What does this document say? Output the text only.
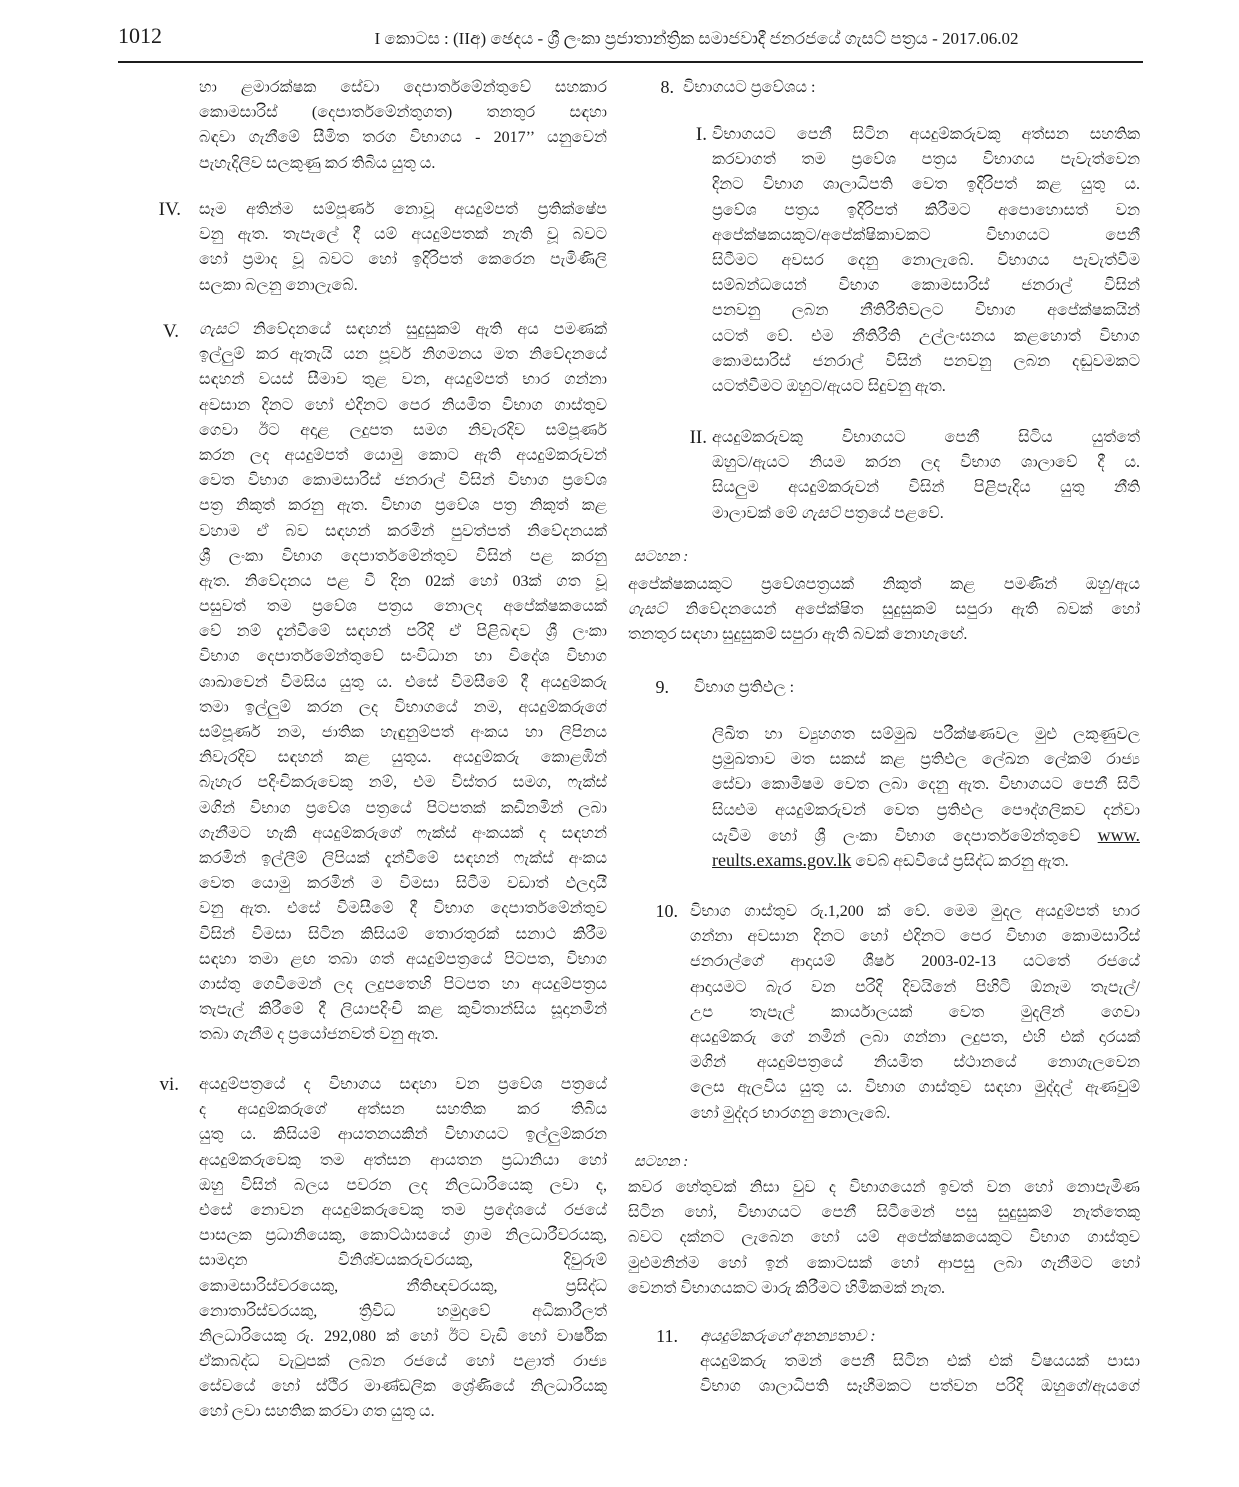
1012	I කොටස : (IIඅ) ඡෙදය - ශ්‍රී ලංකා ප්‍රජාතාන්ත්‍රික සමාජවාදී ජනරජයේ ගැසට් පත්‍රය - 2017.06.02
හා ළමාරක්ෂක සේවා දෙපාර්තමේන්තුවේ සහකාර
කොමසාරිස් (දෙපාර්තමේන්තුගත) තනතුර සඳහා
බඳවා ගැනීමේ සීමිත තරග විභාගය - 2017’’ යනුවෙන්
පැහැදිලිව සලකුණු කර තිබිය යුතු ය.
IV. සෑම අතින්ම සම්පූර්ණ නොවූ අයදුම්පත් ප්‍රතික්ෂේප
වනු ඇත. තැපැලේ දී යම් අයදුම්පතක් නැති වූ බවට
හෝ ප්‍රමාද වූ බවට හෝ ඉදිරිපත් කෙරෙන පැමිණිලි
සලකා බලනු නොලැබේ.
V. ගැසට් නිවේදනයේ සඳහන් සුදුසුකම් ඇති අය පමණක්
ඉල්ලුම් කර ඇතැයි යන පූර්ව නිගමනය මත නිවේදනයේ
සඳහන් වයස් සීමාව තුළ වන, අයදුම්පත් භාර ගන්නා
අවසාන දිනට හෝ එදිනට පෙර නියමිත විභාග ගාස්තුව
ගෙවා ඊට අදාළ ලදුපත සමග නිවැරදිව සම්පූර්ණ
කරන ලද අයදුම්පත් යොමු කොට ඇති අයදුම්කරුවන්
වෙත විභාග කොමසාරිස් ජනරාල් විසින් විභාග ප්‍රවේශ
පත්‍ර නිකුත් කරනු ඇත. විභාග ප්‍රවේශ පත්‍ර නිකුත් කළ
වහාම ඒ බව සඳහන් කරමින් පුවත්පත් නිවේදනයක්
ශ්‍රී ලංකා විභාග දෙපාර්තමේන්තුව විසින් පළ කරනු
ඇත. නිවේදනය පළ වී දින 02ක් හෝ 03ක් ගත වූ
පසුවත් තම ප්‍රවේශ පත්‍රය නොලද අපේක්ෂකයෙක්
වේ නම් දැන්වීමේ සඳහන් පරිදි ඒ පිළිබඳව ශ්‍රී ලංකා
විභාග දෙපාර්තමේන්තුවේ සංවිධාන හා විදේශ විභාග
ශාඛාවෙන් විමසිය යුතු ය. එසේ විමසීමේ දී අයදුම්කරු
තමා ඉල්ලුම් කරන ලද විභාගයේ නම, අයදුම්කරුගේ
සම්පූර්ණ නම, ජාතික හැඳුනුම්පත් අංකය හා ලිපිනය
නිවැරදිව සඳහන් කළ යුතුය. අයදුම්කරු කොළඹින්
බැහැර පදිංචිකරුවෙකු නම්, එම විස්තර සමග, ෆැක්ස්
මගින් විභාග ප්‍රවේශ පත්‍රයේ පිටපතක් කඩිනමින් ලබා
ගැනීමට හැකි අයදුම්කරුගේ ෆැක්ස් අංකයක් ද සඳහන්
කරමින් ඉල්ලීම් ලිපියක් දැන්වීමේ සඳහන් ෆැක්ස් අංකය
වෙත යොමු කරමින් ම විමසා සිටීම වඩාත් ඵලදායී
වනු ඇත. එසේ විමසීමේ දී විභාග දෙපාර්තමේන්තුව
විසින් විමසා සිටින කිසියම් තොරතුරක් සනාථ කිරීම
සඳහා තමා ළඟ තබා ගත් අයදුම්පත්‍රයේ පිටපත, විභාග
ගාස්තු ගෙවීමෙන් ලද ලදුපතෙහි පිටපත හා අයදුම්පත්‍රය
තැපැල් කිරීමේ දී ලියාපදිංචි කළ කුවිතාන්සිය සූදානමින්
තබා ගැනීම ද ප්‍රයෝජනවත් වනු ඇත.
vi. අයදුම්පත්‍රයේ ද විභාගය සඳහා වන ප්‍රවේශ පත්‍රයේ
ද අයදුම්කරුගේ අත්සන සහතික කර තිබිය
යුතු ය. කිසියම් ආයතනයකින් විභාගයට ඉල්ලුම්කරන
අයදුම්කරුවෙකු තම අත්සන ආයතන ප්‍රධානියා හෝ
ඔහු විසින් බලය පවරන ලද නිලධාරියෙකු ලවා ද,
එසේ නොවන අයදුම්කරුවෙකු තම ප්‍රදේශයේ රජයේ
පාසලක ප්‍රධානියෙකු, කොට්ඨාසයේ ග්‍රාම නිලධාරීවරයකු,
සාමදාන විනිශ්චයකරුවරයකු, දිවුරුම්
කොමසාරිස්වරයෙකු, නීතිඥවරයකු, ප්‍රසිද්ධ
නොතාරිස්වරයකු, ත්‍රිවිධ හමුදාවේ අධිකාරීලත්
නිලධාරියෙකු රු. 292,080 ක් හෝ ඊට වැඩි හෝ වාර්ෂික
ඒකාබද්ධ වැටුපක් ලබන රජයේ හෝ පළාත් රාජ්‍ය
සේවයේ හෝ ස්ථිර මාණ්ඩලික ශ්‍රේණියේ නිලධාරියකු
හෝ ලවා සහතික කරවා ගත යුතු ය.
8. විභාගයට ප්‍රවේශය :
I. විභාගයට පෙනී සිටින අයදුම්කරුවකු අත්සන සහතික
කරවාගත් තම ප්‍රවේශ පත්‍රය විභාගය පැවැත්වෙන
දිනට විභාග ශාලාධිපති වෙත ඉදිරිපත් කළ යුතු ය.
ප්‍රවේශ පත්‍රය ඉදිරිපත් කිරීමට අපොහොසත් වන
අපේක්ෂකයකුට/අපේක්ෂිකාවකට විභාගයට පෙනී
සිටීමට අවසර දෙනු නොලැබේ. විභාගය පැවැත්වීම
සම්බන්ධයෙන් විභාග කොමසාරිස් ජනරාල් විසින්
පනවනු ලබන නීතිරීතිවලට විභාග අපේක්ෂකයින්
යටත් වේ. එම නීතිරීති උල්ලංඝනය කළහොත් විභාග
කොමසාරිස් ජනරාල් විසින් පනවනු ලබන දඬුවමකට
යටත්වීමට ඔහුට/ඇයට සිදුවනු ඇත.
II. අයදුම්කරුවකු විභාගයට පෙනී සිටිය යුත්තේ
ඔහුට/ඇයට නියම කරන ලද විභාග ශාලාවේ දී ය.
සියලුම අයදුම්කරුවන් විසින් පිළිපැදිය යුතු නීති
මාලාවක් මේ ගැසට් පත්‍රයේ පළවේ.
සටහන :
අපේක්ෂකයකුට ප්‍රවේශපත්‍රයක් නිකුත් කළ පමණින් ඔහු/ඇය
ගැසට් නිවේදනයෙන් අපේක්ෂිත සුදුසුකම් සපුරා ඇති බවක් හෝ
තනතුර සඳහා සුදුසුකම් සපුරා ඇති බවක් නොහැඟේ.
9. විභාග ප්‍රතිඵල :
ලිඛිත හා ව්‍යුහගත සම්මුඛ පරීක්ෂණවල මුළු ලකුණුවල
ප්‍රමුඛතාව මත සකස් කළ ප්‍රතිඵල ලේඛන ලේකම් රාජ්‍ය
සේවා කොමිෂම වෙත ලබා දෙනු ඇත. විභාගයට පෙනී සිටි
සියළුම අයදුම්කරුවන් වෙත ප්‍රතිඵල පෞද්ගලිකව දන්වා
යැවීම හෝ ශ්‍රී ලංකා විභාග දෙපාර්තමේන්තුවේ www.
reults.exams.gov.lk වෙබ් අඩවියේ ප්‍රසිද්ධ කරනු ඇත.
10. විභාග ගාස්තුව රු.1,200 ක් වේ. මෙම මුදල අයදුම්පත් භාර
ගන්නා අවසාන දිනට හෝ එදිනට පෙර විභාග කොමසාරිස්
ජනරාල්ගේ ආදායම් ශීර්ෂ 2003-02-13 යටතේ රජයේ
ආදායමට බැර වන පරිදි දිවයිනේ පිහිටි ඕනෑම තැපැල්/
උප තැපැල් කාර්යාලයක් වෙත මුදලින් ගෙවා
අයදුම්කරු ගේ නමින් ලබා ගන්නා ලදුපත, එහි එක් දාරයක්
මගින් අයදුම්පත්‍රයේ නියමිත ස්ථානයේ නොගැලවෙන
ලෙස ඇලවිය යුතු ය. විභාග ගාස්තුව සඳහා මුද්දල් ඇණවුම්
හෝ මුද්දර භාරගනු නොලැබේ.
සටහන :
කවර හේතුවක් නිසා වුව ද විභාගයෙන් ඉවත් වන හෝ නොපැමිණ
සිටින හෝ, විභාගයට පෙනී සිටීමෙන් පසු සුදුසුකම් නැත්තෙකු
බවට දක්නට ලැබෙන හෝ යම් අපේක්ෂකයෙකුට විභාග ගාස්තුව
මුළුමනින්ම හෝ ඉන් කොටසක් හෝ ආපසු ලබා ගැනීමට හෝ
වෙනත් විභාගයකට මාරු කිරීමට හිමිකමක් නැත.
11. අයදුම්කරුගේ අනන්‍යතාව :
අයදුම්කරු තමන් පෙනී සිටින එක් එක් විෂයයක් පාසා
විභාග ශාලාධිපති සෑහීමකට පත්වන පරිදි ඔහුගේ/ඇයගේ
